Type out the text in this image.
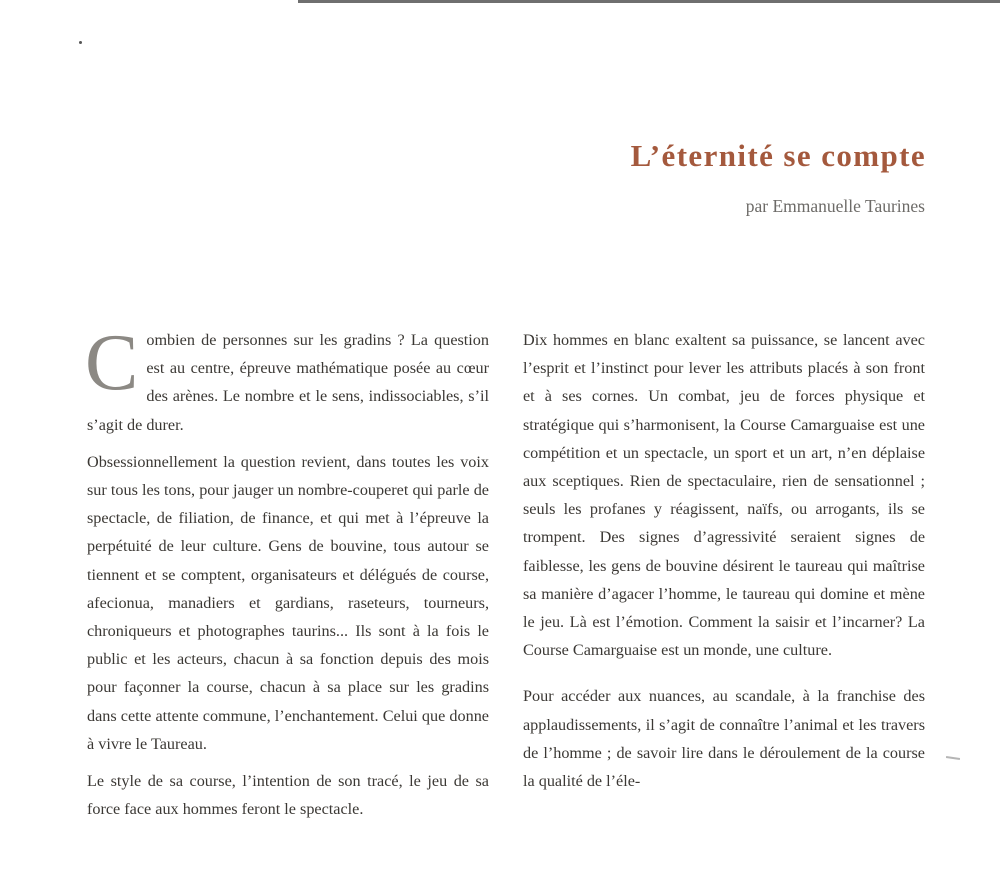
L’éternité se compte
par Emmanuelle Taurines

Combien de personnes sur les gradins ? La question est au centre, épreuve mathématique posée au cœur des arènes. Le nombre et le sens, indissociables, s’il s’agit de durer.

Obsessionnellement la question revient, dans toutes les voix sur tous les tons, pour jauger un nombre-couperet qui parle de spectacle, de filiation, de finance, et qui met à l’épreuve la perpétuité de leur culture. Gens de bouvine, tous autour se tiennent et se comptent, organisateurs et délégués de course, afecionua, manadiers et gardians, raseteurs, tourneurs, chroniqueurs et photographes taurins... Ils sont à la fois le public et les acteurs, chacun à sa fonction depuis des mois pour façonner la course, chacun à sa place sur les gradins dans cette attente commune, l’enchantement. Celui que donne à vivre le Taureau.

Le style de sa course, l’intention de son tracé, le jeu de sa force face aux hommes feront le spectacle.

Dix hommes en blanc exaltent sa puissance, se lancent avec l’esprit et l’instinct pour lever les attributs placés à son front et à ses cornes. Un combat, jeu de forces physique et stratégique qui s’harmonisent, la Course Camarguaise est une compétition et un spectacle, un sport et un art, n’en déplaise aux sceptiques. Rien de spectaculaire, rien de sensationnel ; seuls les profanes y réagissent, naïfs, ou arrogants, ils se trompent. Des signes d’agressivité seraient signes de faiblesse, les gens de bouvine désirent le taureau qui maîtrise sa manière d’agacer l’homme, le taureau qui domine et mène le jeu. Là est l’émotion. Comment la saisir et l’incarner? La Course Camarguaise est un monde, une culture.

Pour accéder aux nuances, au scandale, à la franchise des applaudissements, il s’agit de connaître l’animal et les travers de l’homme ; de savoir lire dans le déroulement de la course la qualité de l’éle-
